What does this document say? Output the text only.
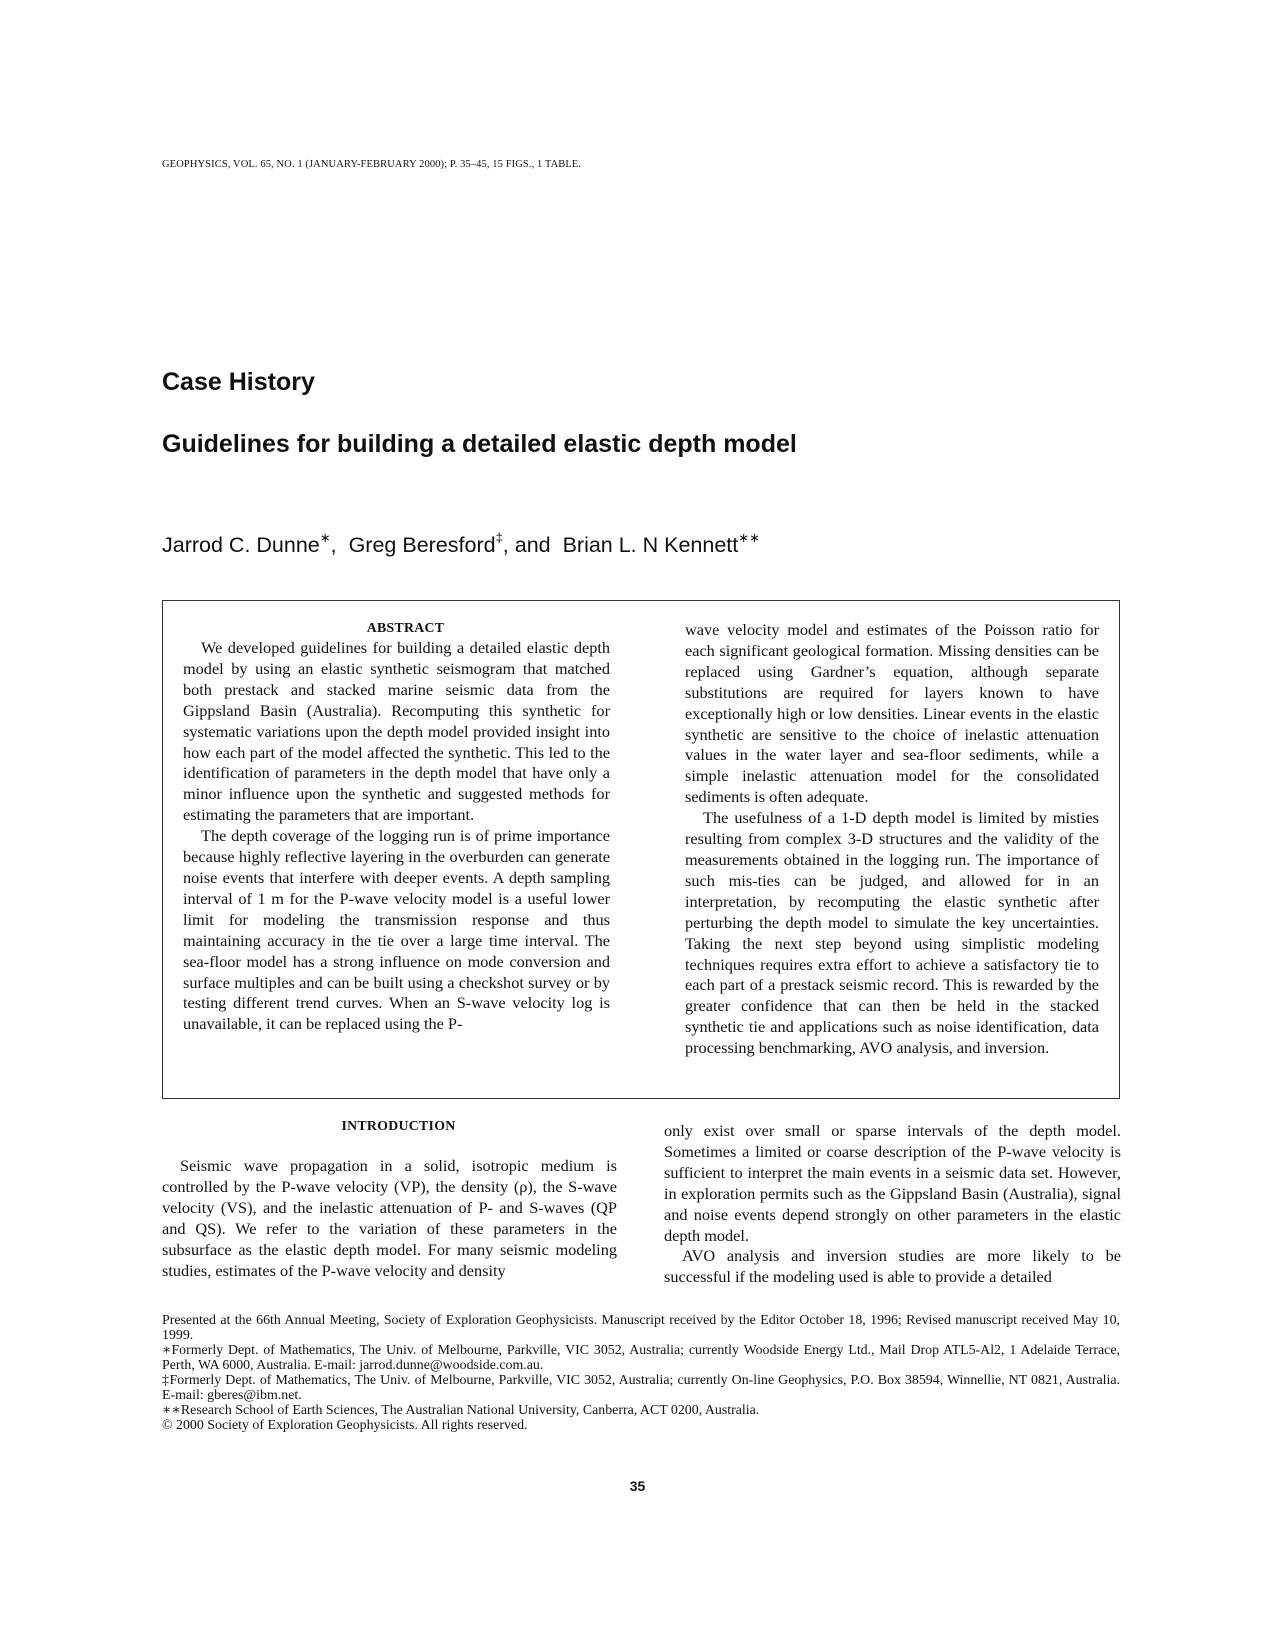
GEOPHYSICS, VOL. 65, NO. 1 (JANUARY-FEBRUARY 2000); P. 35–45, 15 FIGS., 1 TABLE.
Case History
Guidelines for building a detailed elastic depth model
Jarrod C. Dunne∗,  Greg Beresford‡, and  Brian L. N Kennett∗∗

ABSTRACT

We developed guidelines for building a detailed elastic depth model by using an elastic synthetic seismogram that matched both prestack and stacked marine seismic data from the Gippsland Basin (Australia). Recomputing this synthetic for systematic variations upon the depth model provided insight into how each part of the model affected the synthetic. This led to the identification of parameters in the depth model that have only a minor influence upon the synthetic and suggested methods for estimating the parameters that are important.

The depth coverage of the logging run is of prime importance because highly reflective layering in the overburden can generate noise events that interfere with deeper events. A depth sampling interval of 1 m for the P-wave velocity model is a useful lower limit for modeling the transmission response and thus maintaining accuracy in the tie over a large time interval. The sea-floor model has a strong influence on mode conversion and surface multiples and can be built using a checkshot survey or by testing different trend curves. When an S-wave velocity log is unavailable, it can be replaced using the P-

wave velocity model and estimates of the Poisson ratio for each significant geological formation. Missing densities can be replaced using Gardner’s equation, although separate substitutions are required for layers known to have exceptionally high or low densities. Linear events in the elastic synthetic are sensitive to the choice of inelastic attenuation values in the water layer and sea-floor sediments, while a simple inelastic attenuation model for the consolidated sediments is often adequate.

The usefulness of a 1-D depth model is limited by misties resulting from complex 3-D structures and the validity of the measurements obtained in the logging run. The importance of such mis-ties can be judged, and allowed for in an interpretation, by recomputing the elastic synthetic after perturbing the depth model to simulate the key uncertainties. Taking the next step beyond using simplistic modeling techniques requires extra effort to achieve a satisfactory tie to each part of a prestack seismic record. This is rewarded by the greater confidence that can then be held in the stacked synthetic tie and applications such as noise identification, data processing benchmarking, AVO analysis, and inversion.

INTRODUCTION

Seismic wave propagation in a solid, isotropic medium is controlled by the P-wave velocity (VP), the density (ρ), the S-wave velocity (VS), and the inelastic attenuation of P- and S-waves (QP and QS). We refer to the variation of these parameters in the subsurface as the elastic depth model. For many seismic modeling studies, estimates of the P-wave velocity and density

only exist over small or sparse intervals of the depth model. Sometimes a limited or coarse description of the P-wave velocity is sufficient to interpret the main events in a seismic data set. However, in exploration permits such as the Gippsland Basin (Australia), signal and noise events depend strongly on other parameters in the elastic depth model.

AVO analysis and inversion studies are more likely to be successful if the modeling used is able to provide a detailed

Presented at the 66th Annual Meeting, Society of Exploration Geophysicists. Manuscript received by the Editor October 18, 1996; Revised manuscript received May 10, 1999.

∗Formerly Dept. of Mathematics, The Univ. of Melbourne, Parkville, VIC 3052, Australia; currently Woodside Energy Ltd., Mail Drop ATL5-Al2, 1 Adelaide Terrace, Perth, WA 6000, Australia. E-mail: jarrod.dunne@woodside.com.au.

‡Formerly Dept. of Mathematics, The Univ. of Melbourne, Parkville, VIC 3052, Australia; currently On-line Geophysics, P.O. Box 38594, Winnellie, NT 0821, Australia. E-mail: gberes@ibm.net.

∗∗Research School of Earth Sciences, The Australian National University, Canberra, ACT 0200, Australia.

© 2000 Society of Exploration Geophysicists. All rights reserved.

35
